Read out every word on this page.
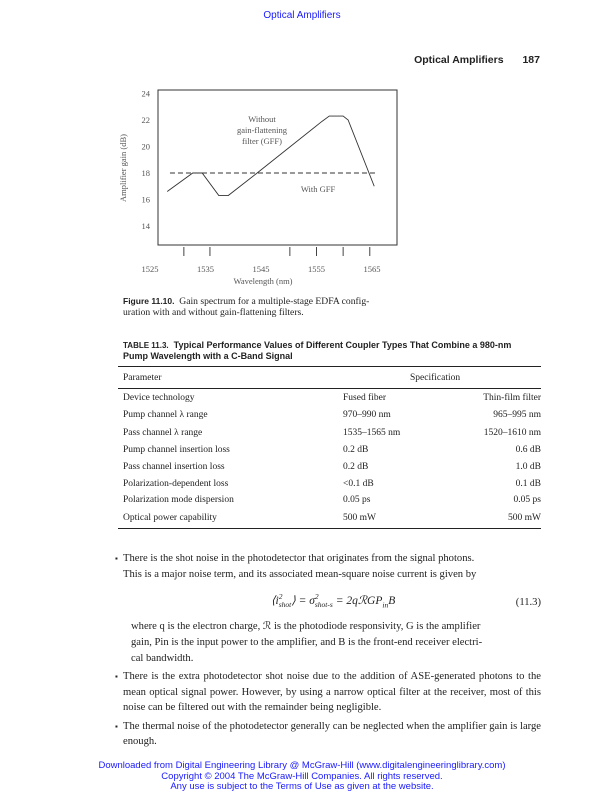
Optical Amplifiers
Optical Amplifiers 187
1525	1535	1545	1555	1565
24
22
20
18
16
14
Wavelength (nm)
Amplifier gain (dB)
Without
gain-flattening
filter (GFF)
With GFF
Figure 11.10. Gain spectrum for a multiple-stage EDFA config-
uration with and without gain-flattening filters.
TABLE 11.3. Typical Performance Values of Different Coupler Types That Combine a 980-nm
Pump Wavelength with a C-Band Signal
Parameter	Specification
Device technology	Fused fiber	Thin-film filter
Pump channel λ range	970–990 nm	965–995 nm
Pass channel λ range	1535–1565 nm	1520–1610 nm
Pump channel insertion loss	0.2 dB	0.6 dB
Pass channel insertion loss	0.2 dB	1.0 dB
Polarization-dependent loss	<0.1 dB	0.1 dB
Polarization mode dispersion	0.05 ps	0.05 ps
Optical power capability	500 mW	500 mW
▪ There is the shot noise in the photodetector that originates from the signal photons.
This is a major noise term, and its associated mean-square noise current is given by
⟨i 2
shot ⟩ = σ 2
shot-s = 2qℛGP$_{in}$B	(11.3)
where q is the electron charge, ℛ is the photodiode responsivity, G is the amplifier
gain, Pin is the input power to the amplifier, and B is the front-end receiver electri-
cal bandwidth.
▪ There is the extra photodetector shot noise due to the addition of ASE-generated photons to the mean optical signal power. However, by using a narrow optical filter at the receiver, most of this noise can be filtered out with the remainder being negligible.
▪ The thermal noise of the photodetector generally can be neglected when the amplifier gain is large enough.
Downloaded from Digital Engineering Library @ McGraw-Hill (www.digitalengineeringlibrary.com)
Copyright © 2004 The McGraw-Hill Companies. All rights reserved.
Any use is subject to the Terms of Use as given at the website.
